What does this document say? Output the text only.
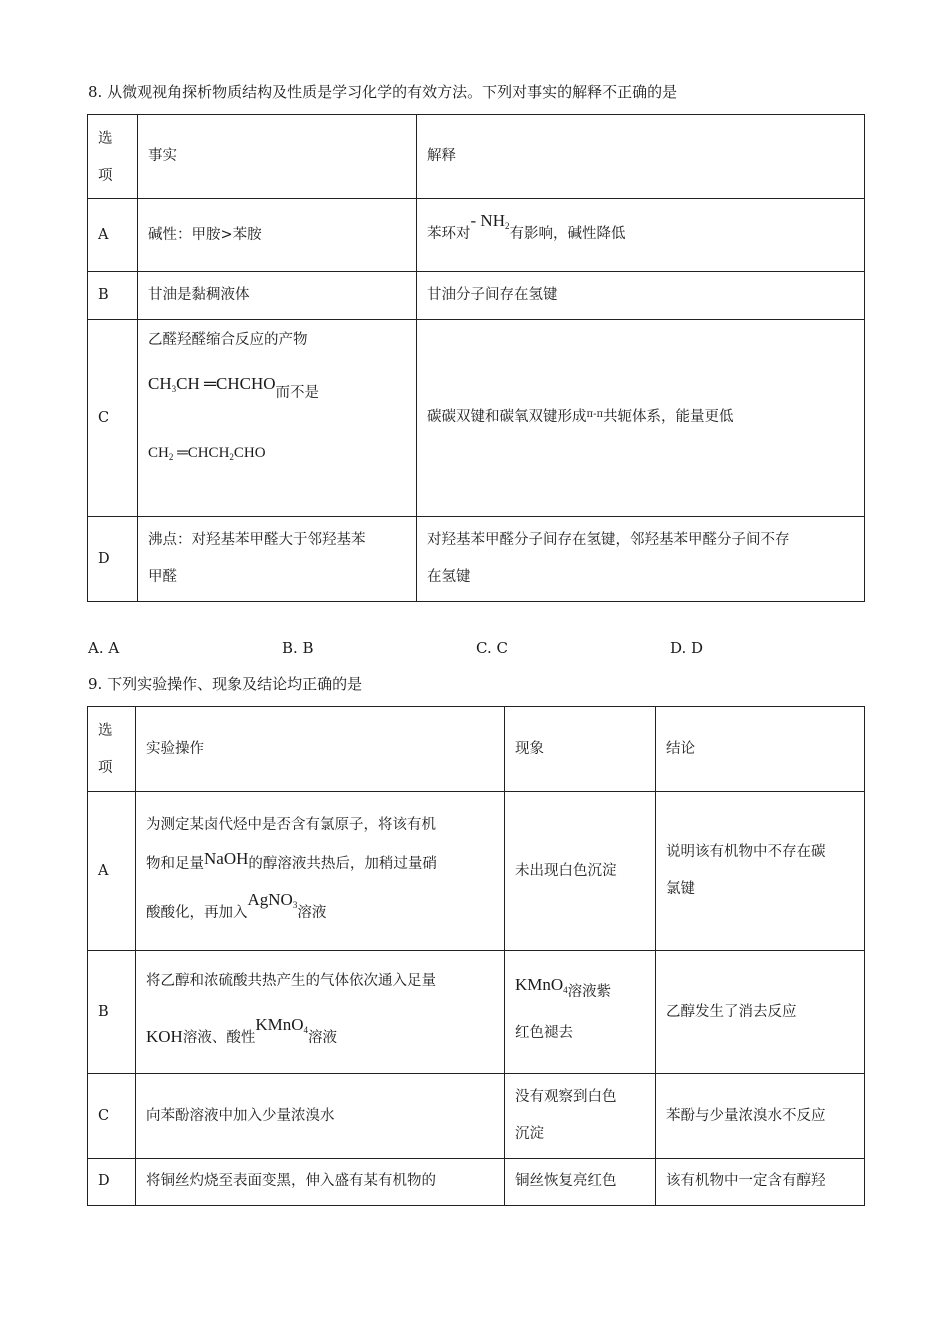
8. 从微观视角探析物质结构及性质是学习化学的有效方法。下列对事实的解释不正确的是
选
项	事实	解释
A	碱性：甲胺>苯胺	苯环对- $NH_2$有影响，碱性降低
B	甘油是黏稠液体	甘油分子间存在氢键
C	乙醛羟醛缩合反应的产物
$CH_3CH$ ═CHCHO而不是
$CH_2$ $═CHCH_2CHO$	碳碳双键和碳氧双键形成$^{\pi-\pi}$共轭体系，能量更低
D	沸点：对羟基苯甲醛大于邻羟基苯
甲醛	对羟基苯甲醛分子间存在氢键，邻羟基苯甲醛分子间不存
在氢键
A. A	B. B	C. C	D. D
9. 下列实验操作、现象及结论均正确的是
选
项	实验操作	现象	结论
A	为测定某卤代烃中是否含有氯原子，将该有机
物和足量NaOH的醇溶液共热后，加稍过量硝
酸酸化，再加入AgNO$_3$溶液	未出现白色沉淀	说明该有机物中不存在碳
氯键

B	将乙醇和浓硫酸共热产生的气体依次通入足量
KOH溶液、酸性KMnO$_4$溶液	KMnO$_4$溶液紫
红色褪去	乙醇发生了消去反应
C	向苯酚溶液中加入少量浓溴水	没有观察到白色
沉淀	苯酚与少量浓溴水不反应
D	将铜丝灼烧至表面变黑，伸入盛有某有机物的	铜丝恢复亮红色	该有机物中一定含有醇羟
